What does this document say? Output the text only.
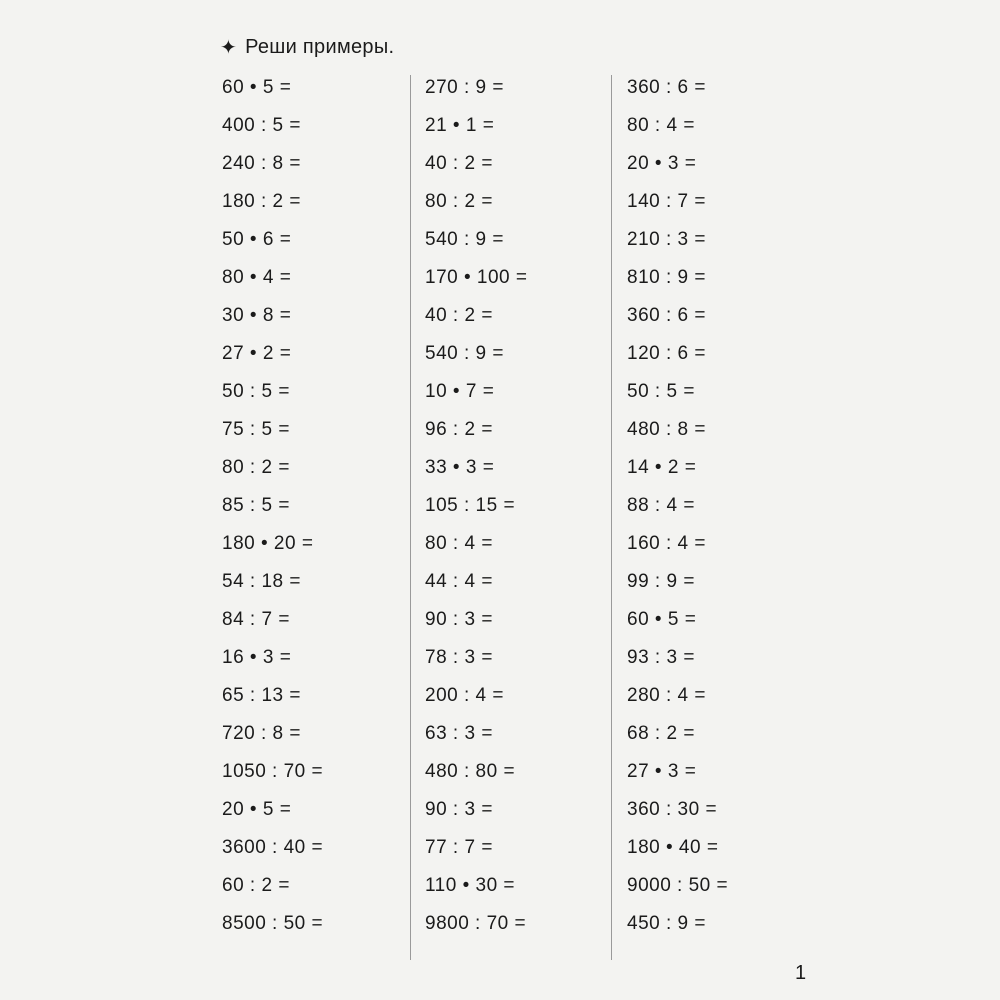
✦ Реши примеры.
60 • 5 =
400 : 5 =
240 : 8 =
180 : 2 =
50 • 6 =
80 • 4 =
30 • 8 =
27 • 2 =
50 : 5 =
75 : 5 =
80 : 2 =
85 : 5 =
180 • 20 =
54 : 18 =
84 : 7 =
16 • 3 =
65 : 13 =
720 : 8 =
1050 : 70 =
20 • 5 =
3600 : 40 =
60 : 2 =
8500 : 50 =
270 : 9 =
21 • 1 =
40 : 2 =
80 : 2 =
540 : 9 =
170 • 100 =
40 : 2 =
540 : 9 =
10 • 7 =
96 : 2 =
33 • 3 =
105 : 15 =
80 : 4 =
44 : 4 =
90 : 3 =
78 : 3 =
200 : 4 =
63 : 3 =
480 : 80 =
90 : 3 =
77 : 7 =
110 • 30 =
9800 : 70 =
360 : 6 =
80 : 4 =
20 • 3 =
140 : 7 =
210 : 3 =
810 : 9 =
360 : 6 =
120 : 6 =
50 : 5 =
480 : 8 =
14 • 2 =
88 : 4 =
160 : 4 =
99 : 9 =
60 • 5 =
93 : 3 =
280 : 4 =
68 : 2 =
27 • 3 =
360 : 30 =
180 • 40 =
9000 : 50 =
450 : 9 =
1
